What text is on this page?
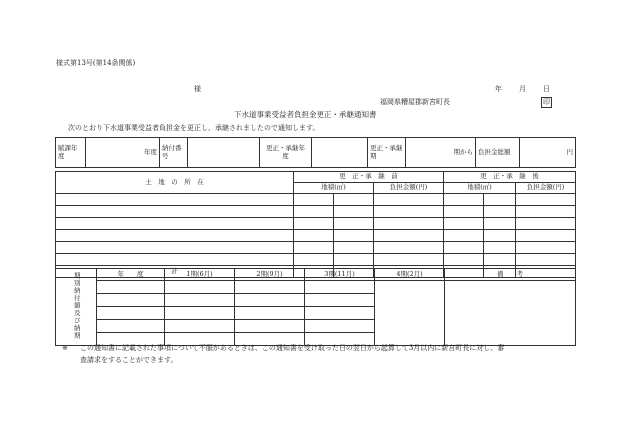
様式第13号(第14条関係)
様	年 月 日
福岡県糟屋郡新宮町長	印
下水道事業受益者負担金更正・承継通知書
次のとおり下水道事業受益者負担金を更正し、承継されましたので通知します。
賦課年度	年度	納付番号		更正・承継年　　度		更正・承継期	期から	負担金総額	円
土　地　の　所　在	更　正・承　継　前			更　正・承　継　後		
	地積(㎡)		負担金額(円)	地積(㎡)		負担金額(円)

計						
期別納付額及び納期	年　　度	1期(6月)	2期(9月)	3期(11月)	4期(2月)	備　　考

※ この通知書に記載された事項について不服があるときは、この通知書を受け取った日の翌日から起算して3月以内に新宮町長に対し、審
査請求をすることができます。
